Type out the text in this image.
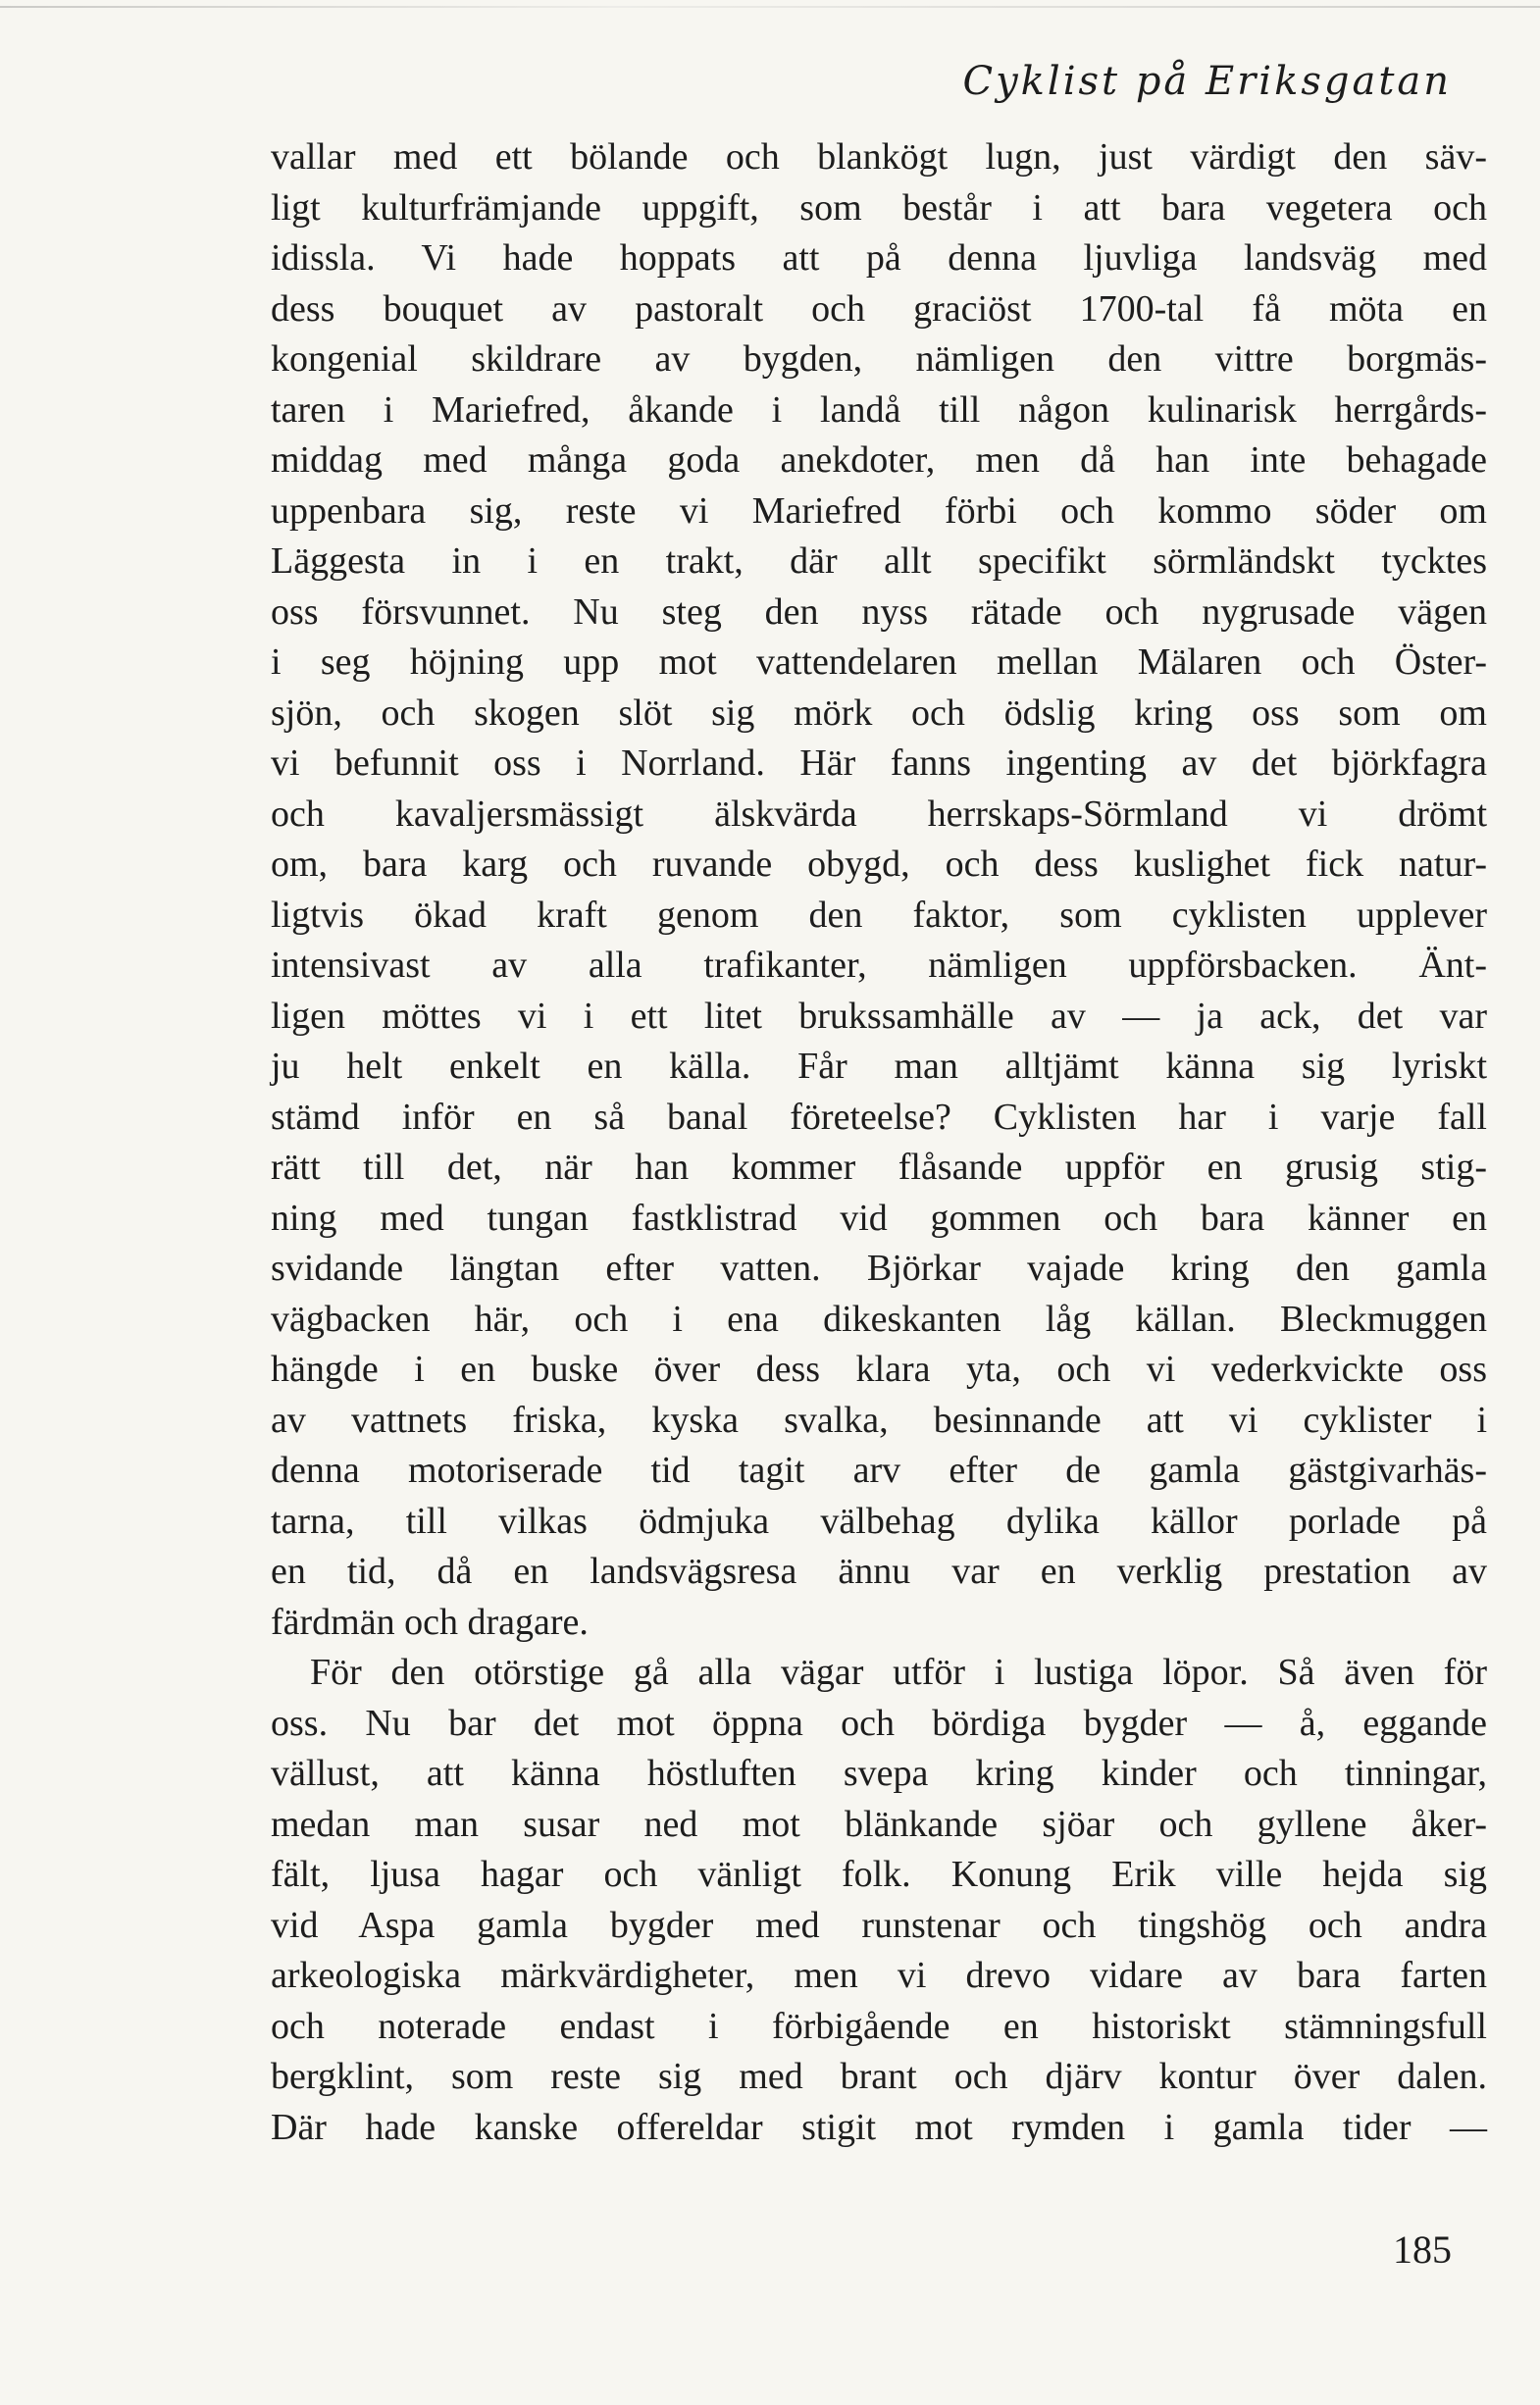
Cyklist på Eriksgatan
vallar med ett bölande och blankögt lugn, just värdigt den säv-
ligt kulturfrämjande uppgift, som består i att bara vegetera och
idissla. Vi hade hoppats att på denna ljuvliga landsväg med
dess bouquet av pastoralt och graciöst 1700-tal få möta en
kongenial skildrare av bygden, nämligen den vittre borgmäs-
taren i Mariefred, åkande i landå till någon kulinarisk herrgårds-
middag med många goda anekdoter, men då han inte behagade
uppenbara sig, reste vi Mariefred förbi och kommo söder om
Läggesta in i en trakt, där allt specifikt sörmländskt tycktes
oss försvunnet. Nu steg den nyss rätade och nygrusade vägen
i seg höjning upp mot vattendelaren mellan Mälaren och Öster-
sjön, och skogen slöt sig mörk och ödslig kring oss som om
vi befunnit oss i Norrland. Här fanns ingenting av det björkfagra
och kavaljersmässigt älskvärda herrskaps-Sörmland vi drömt
om, bara karg och ruvande obygd, och dess kuslighet fick natur-
ligtvis ökad kraft genom den faktor, som cyklisten upplever
intensivast av alla trafikanter, nämligen uppförsbacken. Änt-
ligen möttes vi i ett litet brukssamhälle av — ja ack, det var
ju helt enkelt en källa. Får man alltjämt känna sig lyriskt
stämd inför en så banal företeelse? Cyklisten har i varje fall
rätt till det, när han kommer flåsande uppför en grusig stig-
ning med tungan fastklistrad vid gommen och bara känner en
svidande längtan efter vatten. Björkar vajade kring den gamla
vägbacken här, och i ena dikeskanten låg källan. Bleckmuggen
hängde i en buske över dess klara yta, och vi vederkvickte oss
av vattnets friska, kyska svalka, besinnande att vi cyklister i
denna motoriserade tid tagit arv efter de gamla gästgivarhäs-
tarna, till vilkas ödmjuka välbehag dylika källor porlade på
en tid, då en landsvägsresa ännu var en verklig prestation av
färdmän och dragare.
För den otörstige gå alla vägar utför i lustiga löpor. Så även för
oss. Nu bar det mot öppna och bördiga bygder — å, eggande
vällust, att känna höstluften svepa kring kinder och tinningar,
medan man susar ned mot blänkande sjöar och gyllene åker-
fält, ljusa hagar och vänligt folk. Konung Erik ville hejda sig
vid Aspa gamla bygder med runstenar och tingshög och andra
arkeologiska märkvärdigheter, men vi drevo vidare av bara farten
och noterade endast i förbigående en historiskt stämningsfull
bergklint, som reste sig med brant och djärv kontur över dalen.
Där hade kanske offereldar stigit mot rymden i gamla tider —

185
